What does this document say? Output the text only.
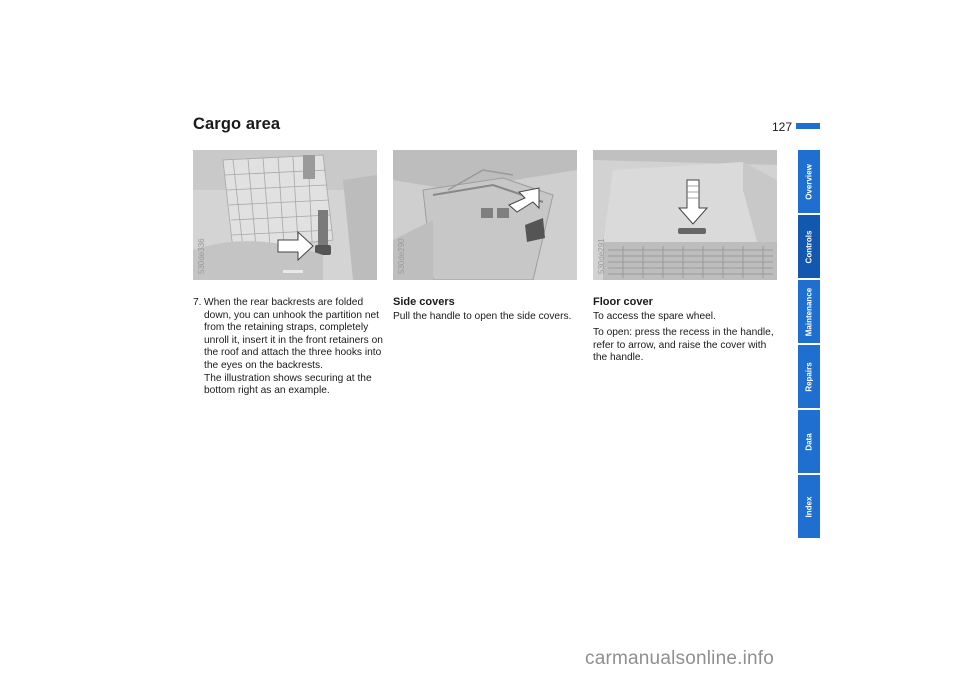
Cargo area	127
530de336	530de290	530de291
7. When the rear backrests are folded down, you can unhook the partition net from the retaining straps, completely unroll it, insert it in the front retainers on the roof and attach the three hooks into the eyes on the backrests.
The illustration shows securing at the bottom right as an example.
Side covers
Pull the handle to open the side covers.
Floor cover
To access the spare wheel.
To open: press the recess in the handle, refer to arrow, and raise the cover with the handle.
Overview
Controls
Maintenance
Repairs
Data
Index
carmanualsonline.info
